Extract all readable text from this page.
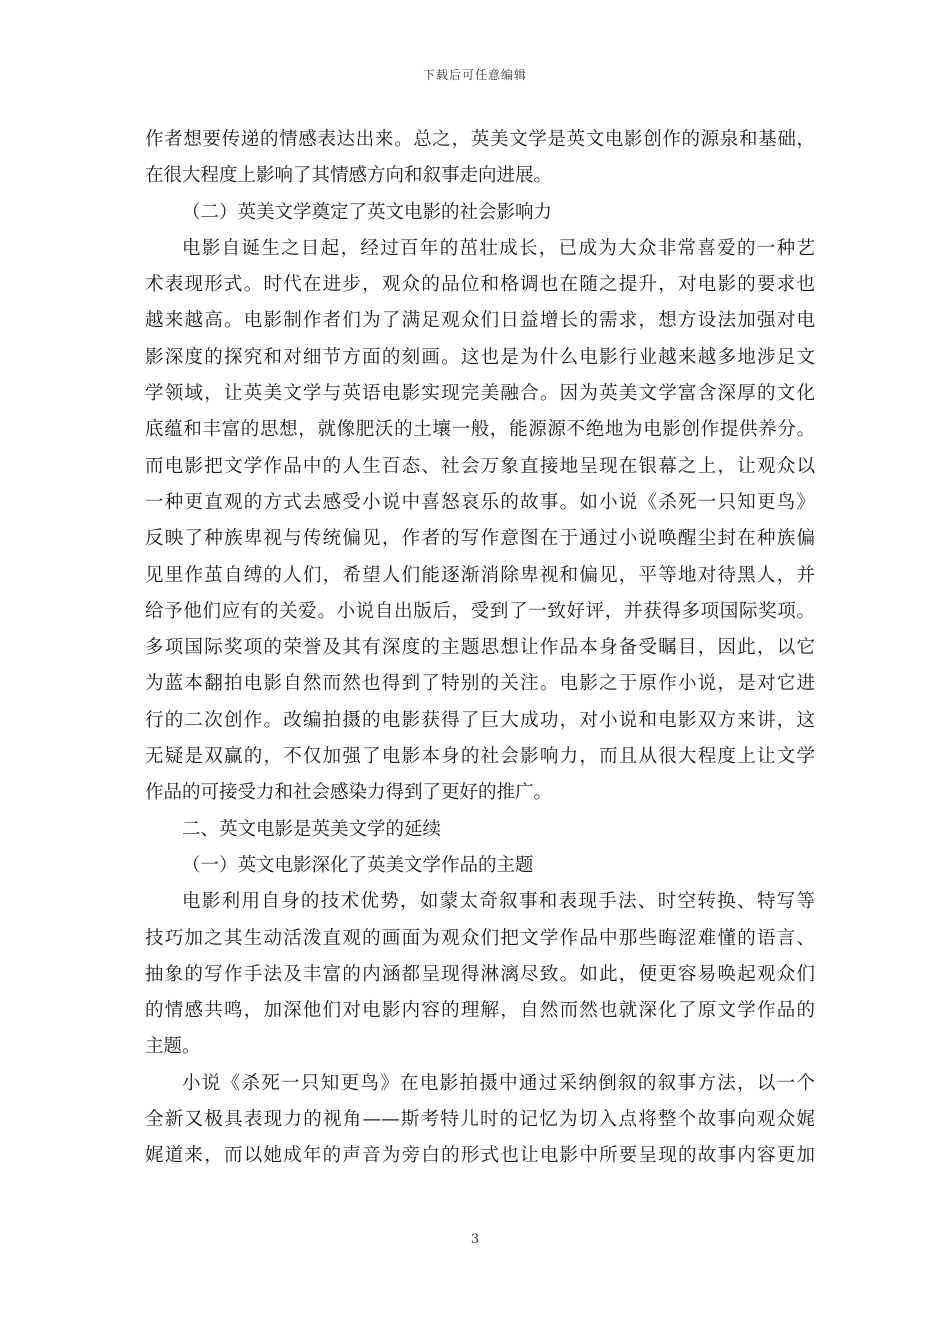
下载后可任意编辑
作者想要传递的情感表达出来。总之，英美文学是英文电影创作的源泉和基础，
在很大程度上影响了其情感方向和叙事走向进展。
（二）英美文学奠定了英文电影的社会影响力
电影自诞生之日起，经过百年的茁壮成长，已成为大众非常喜爱的一种艺
术表现形式。时代在进步，观众的品位和格调也在随之提升，对电影的要求也
越来越高。电影制作者们为了满足观众们日益增长的需求，想方设法加强对电
影深度的探究和对细节方面的刻画。这也是为什么电影行业越来越多地涉足文
学领域，让英美文学与英语电影实现完美融合。因为英美文学富含深厚的文化
底蕴和丰富的思想，就像肥沃的土壤一般，能源源不绝地为电影创作提供养分。
而电影把文学作品中的人生百态、社会万象直接地呈现在银幕之上，让观众以
一种更直观的方式去感受小说中喜怒哀乐的故事。如小说《杀死一只知更鸟》
反映了种族卑视与传统偏见，作者的写作意图在于通过小说唤醒尘封在种族偏
见里作茧自缚的人们，希望人们能逐渐消除卑视和偏见，平等地对待黑人，并
给予他们应有的关爱。小说自出版后，受到了一致好评，并获得多项国际奖项。
多项国际奖项的荣誉及其有深度的主题思想让作品本身备受瞩目，因此，以它
为蓝本翻拍电影自然而然也得到了特别的关注。电影之于原作小说，是对它进
行的二次创作。改编拍摄的电影获得了巨大成功，对小说和电影双方来讲，这
无疑是双赢的，不仅加强了电影本身的社会影响力，而且从很大程度上让文学
作品的可接受力和社会感染力得到了更好的推广。
二、英文电影是英美文学的延续
（一）英文电影深化了英美文学作品的主题
电影利用自身的技术优势，如蒙太奇叙事和表现手法、时空转换、特写等
技巧加之其生动活泼直观的画面为观众们把文学作品中那些晦涩难懂的语言、
抽象的写作手法及丰富的内涵都呈现得淋漓尽致。如此，便更容易唤起观众们
的情感共鸣，加深他们对电影内容的理解，自然而然也就深化了原文学作品的
主题。
小说《杀死一只知更鸟》在电影拍摄中通过采纳倒叙的叙事方法，以一个
全新又极具表现力的视角——斯考特儿时的记忆为切入点将整个故事向观众娓
娓道来，而以她成年的声音为旁白的形式也让电影中所要呈现的故事内容更加
3
